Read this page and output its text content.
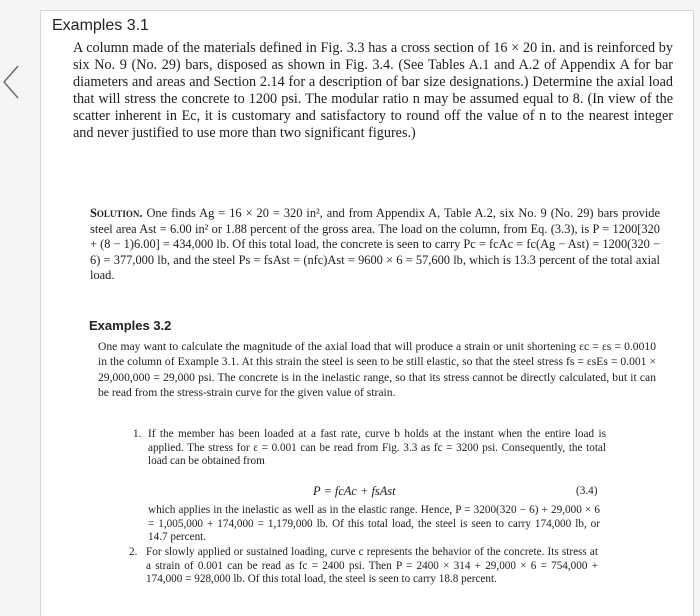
Examples 3.1

A column made of the materials defined in Fig. 3.3 has a cross section of 16 × 20 in. and is reinforced by six No. 9 (No. 29) bars, disposed as shown in Fig. 3.4. (See Tables A.1 and A.2 of Appendix A for bar diameters and areas and Section 2.14 for a description of bar size designations.) Determine the axial load that will stress the concrete to 1200 psi. The modular ratio n may be assumed equal to 8. (In view of the scatter inherent in Ec, it is customary and satisfactory to round off the value of n to the nearest integer and never justified to use more than two significant figures.)

Solution. One finds Ag = 16 × 20 = 320 in², and from Appendix A, Table A.2, six No. 9 (No. 29) bars provide steel area Ast = 6.00 in² or 1.88 percent of the gross area. The load on the column, from Eq. (3.3), is P = 1200[320 + (8 − 1)6.00] = 434,000 lb. Of this total load, the concrete is seen to carry Pc = fcAc = fc(Ag − Ast) = 1200(320 − 6) = 377,000 lb, and the steel Ps = fsAst = (nfc)Ast = 9600 × 6 = 57,600 lb, which is 13.3 percent of the total axial load.

Examples 3.2

One may want to calculate the magnitude of the axial load that will produce a strain or unit shortening εc = εs = 0.0010 in the column of Example 3.1. At this strain the steel is seen to be still elastic, so that the steel stress fs = εsEs = 0.001 × 29,000,000 = 29,000 psi. The concrete is in the inelastic range, so that its stress cannot be directly calculated, but it can be read from the stress-strain curve for the given value of strain.

1. If the member has been loaded at a fast rate, curve b holds at the instant when the entire load is applied. The stress for ε = 0.001 can be read from Fig. 3.3 as fc = 3200 psi. Consequently, the total load can be obtained from

P = fcAc + fsAst	(3.4)

which applies in the inelastic as well as in the elastic range. Hence, P = 3200(320 − 6) + 29,000 × 6 = 1,005,000 + 174,000 = 1,179,000 lb. Of this total load, the steel is seen to carry 174,000 lb, or 14.7 percent.

2. For slowly applied or sustained loading, curve c represents the behavior of the concrete. Its stress at a strain of 0.001 can be read as fc = 2400 psi. Then P = 2400 × 314 + 29,000 × 6 = 754,000 + 174,000 = 928,000 lb. Of this total load, the steel is seen to carry 18.8 percent.
